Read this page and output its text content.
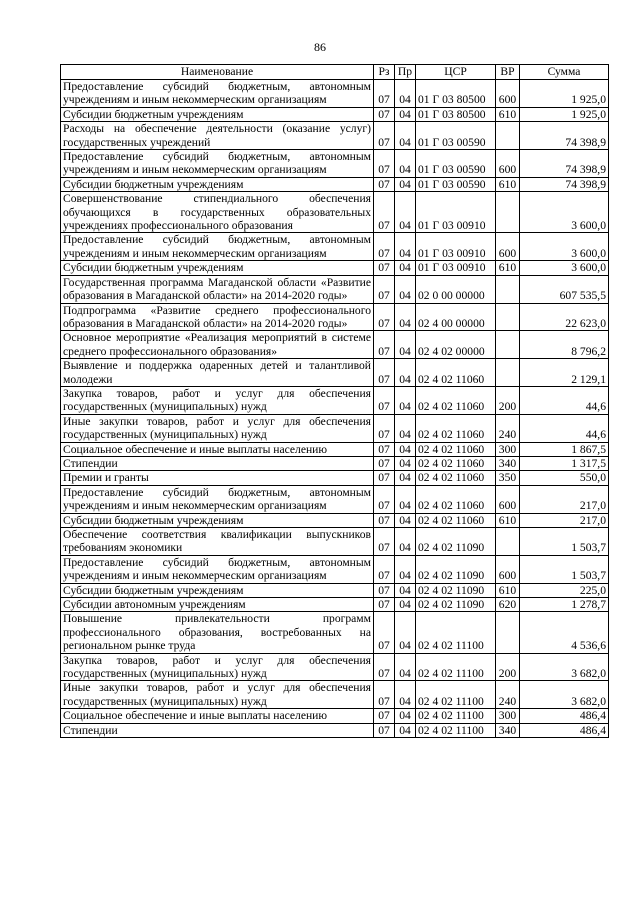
86
Наименование	Рз	Пр	ЦСР	ВР	Сумма
Предоставление субсидий бюджетным, автономным учреждениям и иным некоммерческим организациям	07	04	01 Г 03 80500	600	1 925,0
Субсидии бюджетным учреждениям	07	04	01 Г 03 80500	610	1 925,0
Расходы на обеспечение деятельности (оказание услуг) государственных учреждений	07	04	01 Г 03 00590		74 398,9
Предоставление субсидий бюджетным, автономным учреждениям и иным некоммерческим организациям	07	04	01 Г 03 00590	600	74 398,9
Субсидии бюджетным учреждениям	07	04	01 Г 03 00590	610	74 398,9
Совершенствование стипендиального обеспечения обучающихся в государственных образовательных учреждениях профессионального образования	07	04	01 Г 03 00910		3 600,0
Предоставление субсидий бюджетным, автономным учреждениям и иным некоммерческим организациям	07	04	01 Г 03 00910	600	3 600,0
Субсидии бюджетным учреждениям	07	04	01 Г 03 00910	610	3 600,0
Государственная программа Магаданской области «Развитие образования в Магаданской области» на 2014-2020 годы»	07	04	02 0 00 00000		607 535,5
Подпрограмма «Развитие среднего профессионального образования в Магаданской области» на 2014-2020 годы»	07	04	02 4 00 00000		22 623,0
Основное мероприятие «Реализация мероприятий в системе среднего профессионального образования»	07	04	02 4 02 00000		8 796,2
Выявление и поддержка одаренных детей и талантливой молодежи	07	04	02 4 02 11060		2 129,1
Закупка товаров, работ и услуг для обеспечения государственных (муниципальных) нужд	07	04	02 4 02 11060	200	44,6
Иные закупки товаров, работ и услуг для обеспечения государственных (муниципальных) нужд	07	04	02 4 02 11060	240	44,6
Социальное обеспечение и иные выплаты населению	07	04	02 4 02 11060	300	1 867,5
Стипендии	07	04	02 4 02 11060	340	1 317,5
Премии и гранты	07	04	02 4 02 11060	350	550,0
Предоставление субсидий бюджетным, автономным учреждениям и иным некоммерческим организациям	07	04	02 4 02 11060	600	217,0
Субсидии бюджетным учреждениям	07	04	02 4 02 11060	610	217,0
Обеспечение соответствия квалификации выпускников требованиям экономики	07	04	02 4 02 11090		1 503,7
Предоставление субсидий бюджетным, автономным учреждениям и иным некоммерческим организациям	07	04	02 4 02 11090	600	1 503,7
Субсидии бюджетным учреждениям	07	04	02 4 02 11090	610	225,0
Субсидии автономным учреждениям	07	04	02 4 02 11090	620	1 278,7
Повышение привлекательности программ профессионального образования, востребованных на региональном рынке труда	07	04	02 4 02 11100		4 536,6
Закупка товаров, работ и услуг для обеспечения государственных (муниципальных) нужд	07	04	02 4 02 11100	200	3 682,0
Иные закупки товаров, работ и услуг для обеспечения государственных (муниципальных) нужд	07	04	02 4 02 11100	240	3 682,0
Социальное обеспечение и иные выплаты населению	07	04	02 4 02 11100	300	486,4
Стипендии	07	04	02 4 02 11100	340	486,4
